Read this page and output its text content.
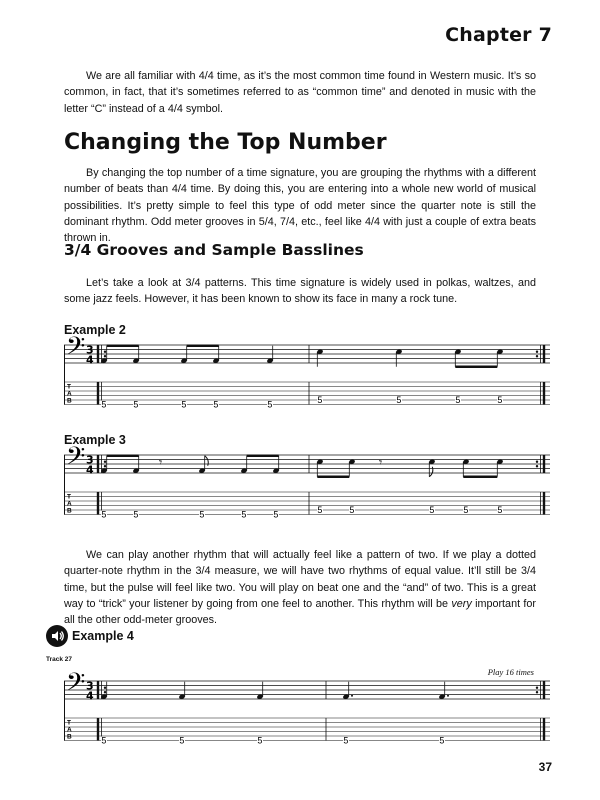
Chapter 7

We are all familiar with 4/4 time, as it’s the most common time found in Western music. It’s so common, in fact, that it’s sometimes referred to as “common time” and denoted in music with the letter “C” instead of a 4/4 symbol.

Changing the Top Number

By changing the top number of a time signature, you are grouping the rhythms with a different number of beats than 4/4 time. By doing this, you are entering into a whole new world of musical possibilities. It’s pretty simple to feel this type of odd meter since the quarter note is still the dominant rhythm. Odd meter grooves in 5/4, 7/4, etc., feel like 4/4 with just a couple of extra beats thrown in.

3/4 Grooves and Sample Basslines

Let’s take a look at 3/4 patterns. This time signature is widely used in polkas, waltzes, and some jazz feels. However, it has been known to show its face in many a rock tune.

Example 2
𝄢 3
4
T
A
B	5	5	5	5	5	5	5	5	5
Example 3
𝄢 3
4
T
A
B	5	5
𝄾
5	5	5	5	5
𝄾
5	5	5

We can play another rhythm that will actually feel like a pattern of two. If we play a dotted quarter-note rhythm in the 3/4 measure, we will have two rhythms of equal value. It’ll still be 3/4 time, but the pulse will feel like two. You will play on beat one and the “and” of two. This is a great way to “trick” your listener by going from one feel to another. This rhythm will be very important for all the other odd-meter grooves.

Example 4
Track 27
Play 16 times
𝄢 3
4
T
A
B	5	5	5	5	5
37
